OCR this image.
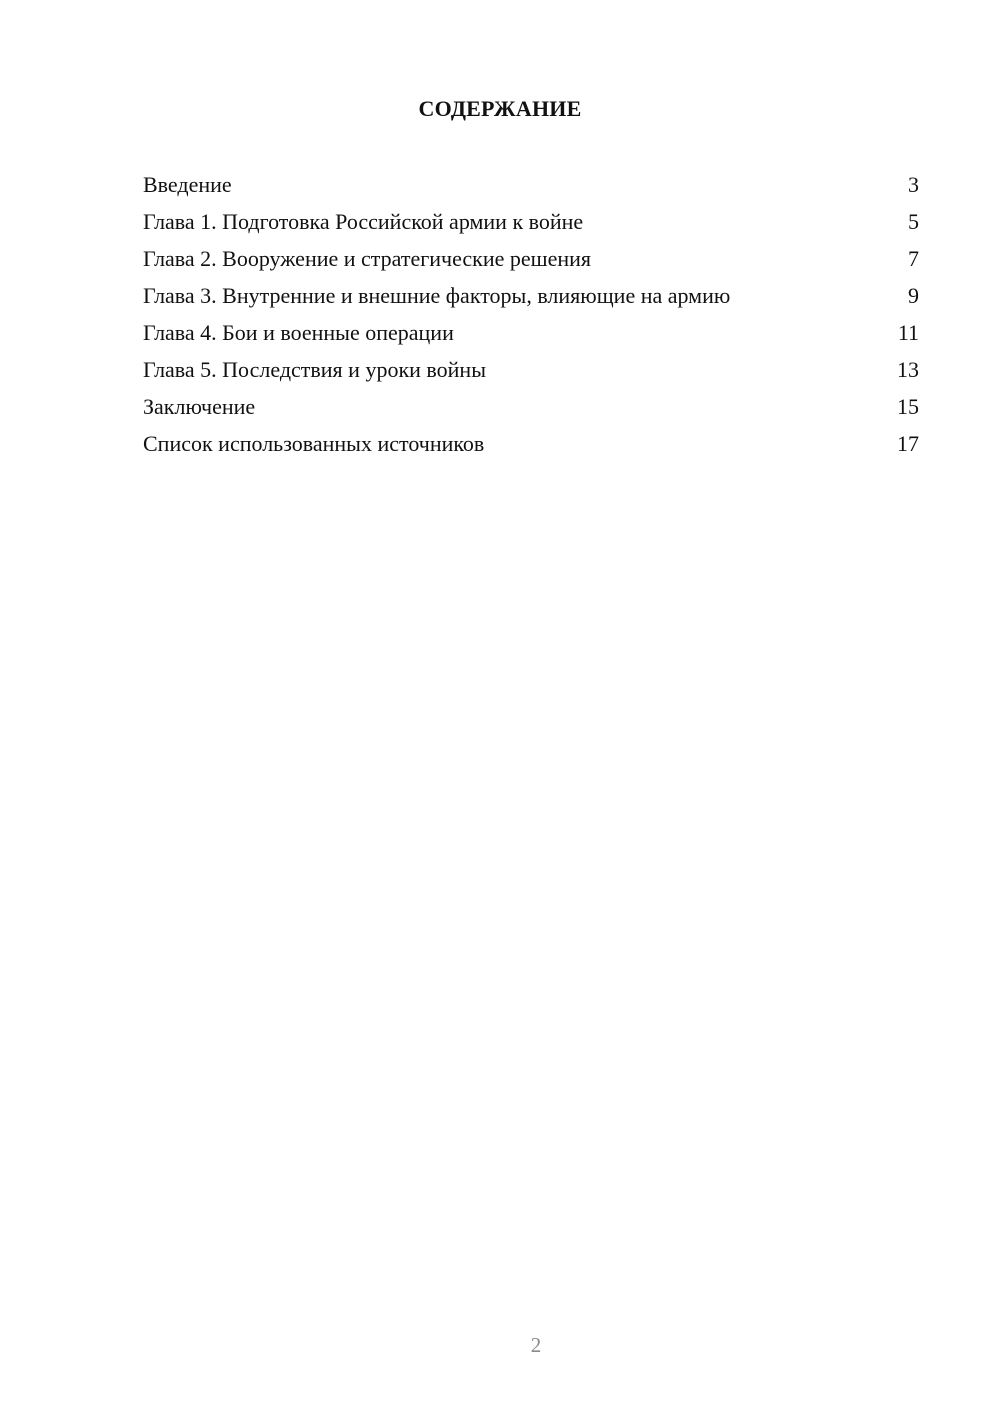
СОДЕРЖАНИЕ
Введение	3
Глава 1. Подготовка Российской армии к войне	5
Глава 2. Вооружение и стратегические решения	7
Глава 3. Внутренние и внешние факторы, влияющие на армию	9
Глава 4. Бои и военные операции	11
Глава 5. Последствия и уроки войны	13
Заключение	15
Список использованных источников	17
2
